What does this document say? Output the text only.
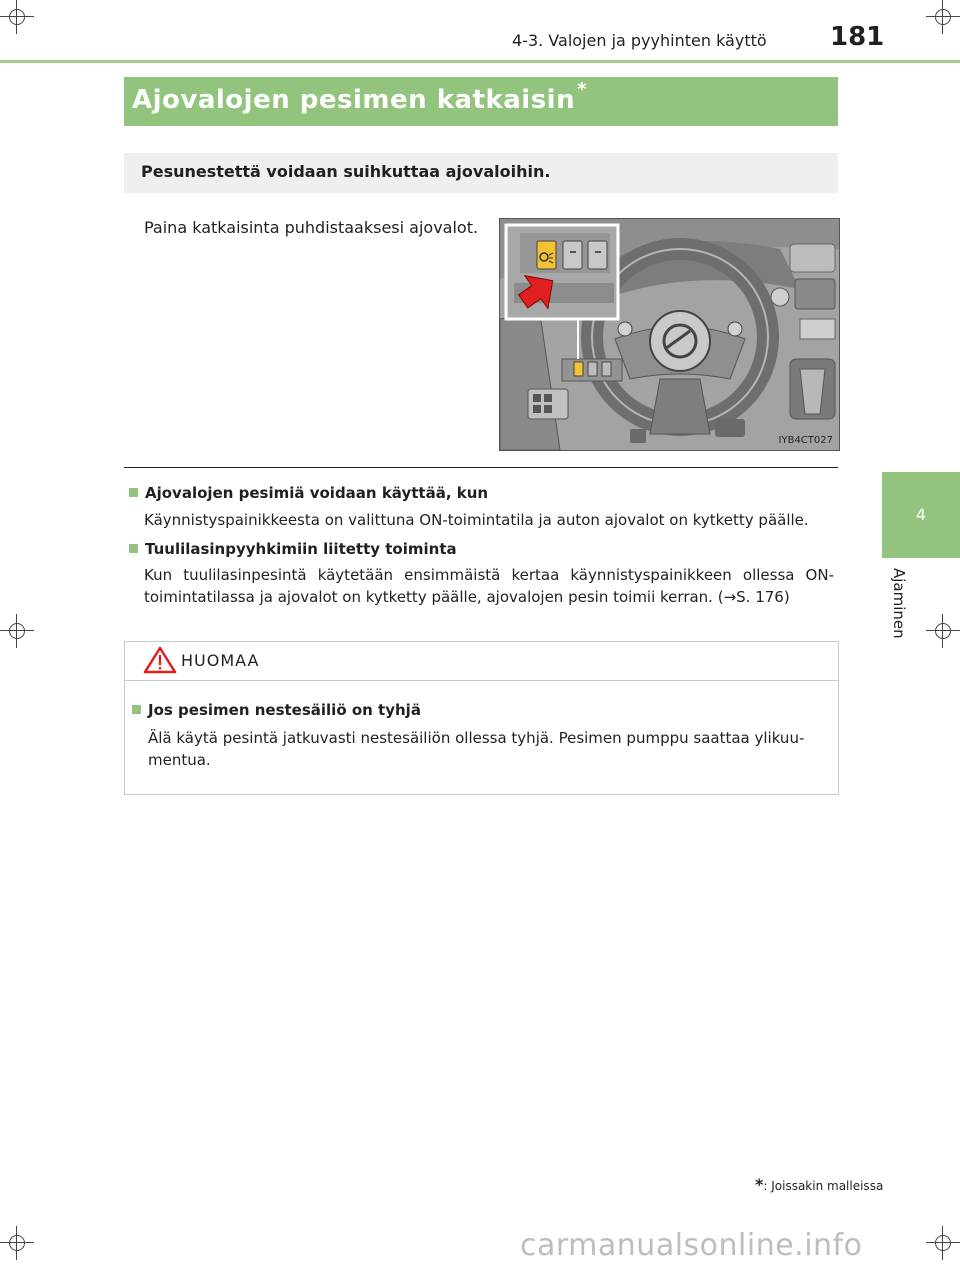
4-3. Valojen ja pyyhinten käyttö 181
4
Ajaminen
Ajovalojen pesimen katkaisin *
Pesunestettä voidaan suihkuttaa ajovaloihin.
Paina katkaisinta puhdistaaksesi ajovalot.
IYB4CT027
Ajovalojen pesimiä voidaan käyttää, kun
Käynnistyspainikkeesta on valittuna ON-toimintatila ja auton ajovalot on kytketty päälle.
Tuulilasinpyyhkimiin liitetty toiminta
Kun tuulilasinpesintä käytetään ensimmäistä kertaa käynnistyspainikkeen ollessa ON-toimintatilassa ja ajovalot on kytketty päälle, ajovalojen pesin toimii kerran. (→S. 176)
HUOMAA
Jos pesimen nestesäiliö on tyhjä
Älä käytä pesintä jatkuvasti nestesäiliön ollessa tyhjä. Pesimen pumppu saattaa ylikuu-mentua.
*: Joissakin malleissa
carmanualsonline.info
